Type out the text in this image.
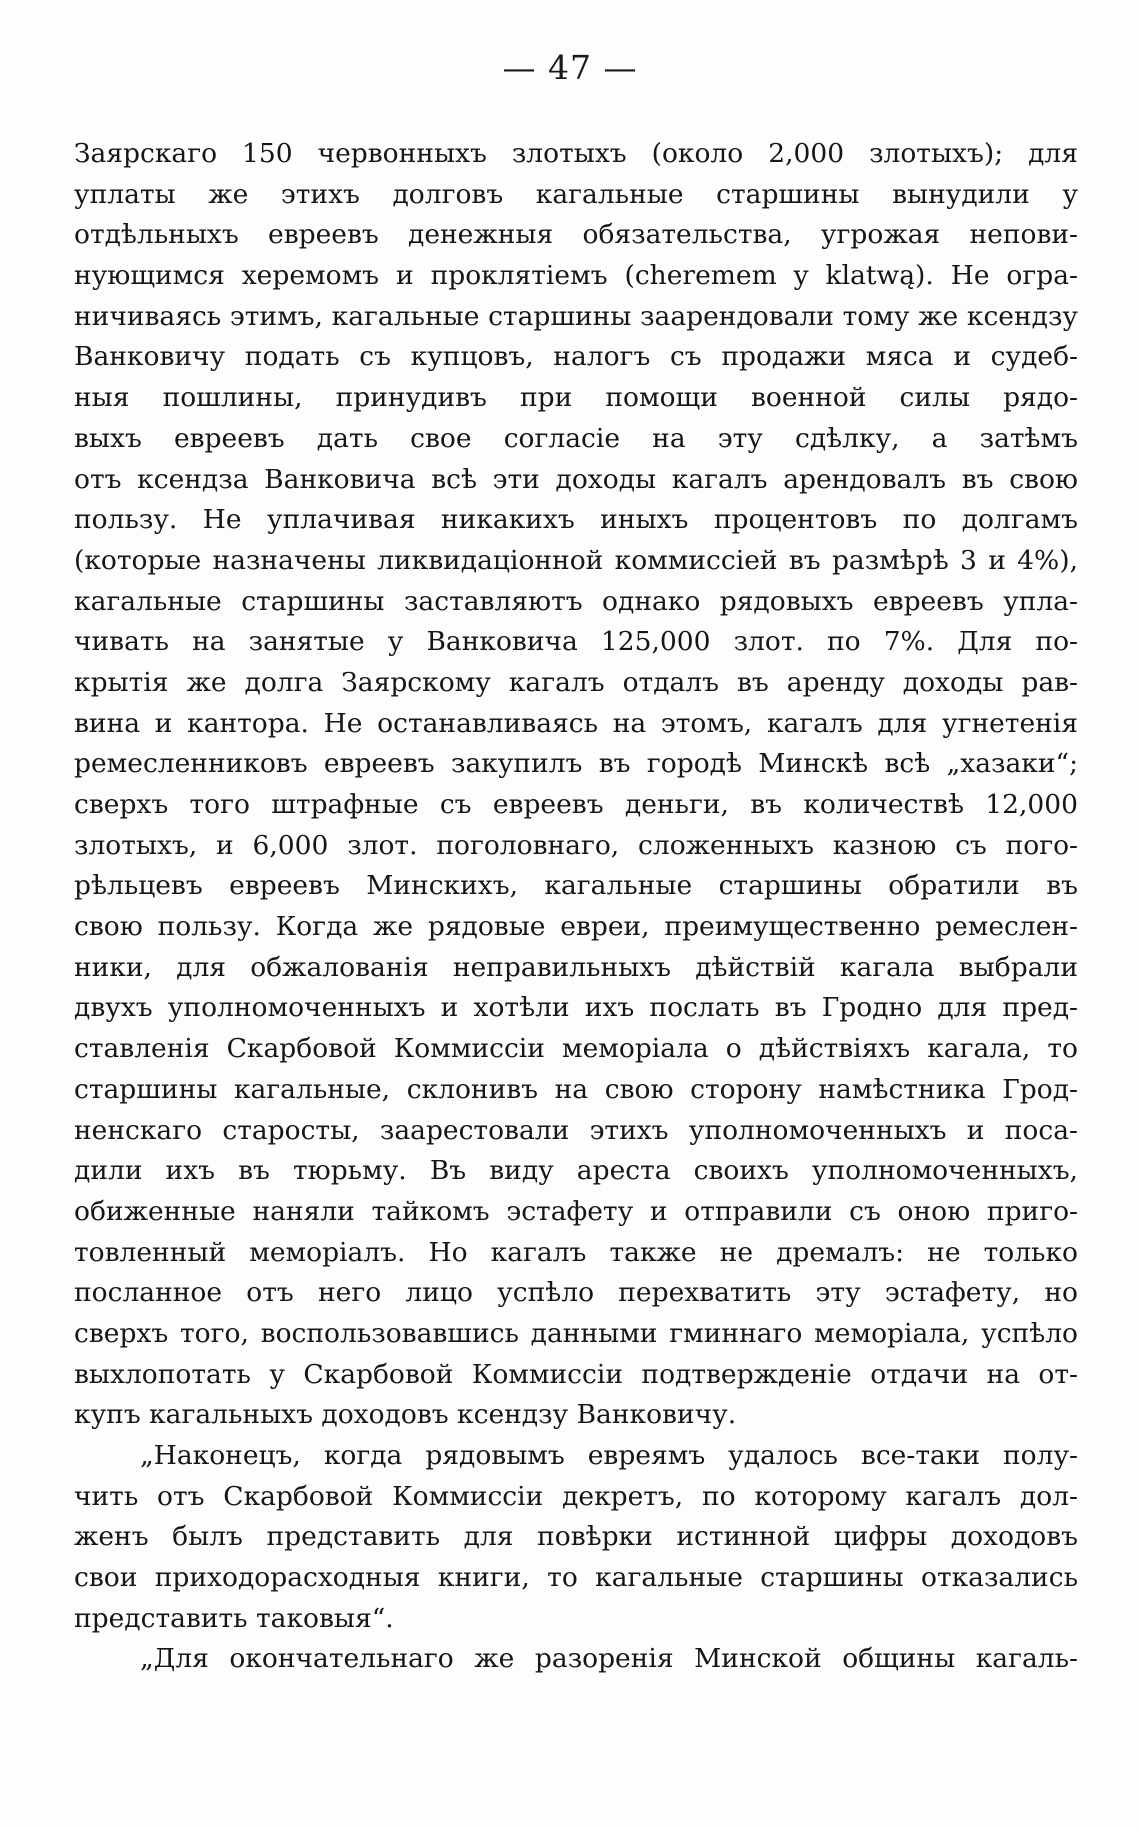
— 47 —
Заярскаго 150 червонныхъ злотыхъ (около 2,000 злотыхъ); для
уплаты же этихъ долговъ кагальные старшины вынудили у
отдѣльныхъ евреевъ денежныя обязательства, угрожая непови-
нующимся херемомъ и проклятіемъ (cheremem y klatwą). Не огра-
ничиваясь этимъ, кагальные старшины заарендовали тому же ксендзу
Ванковичу подать съ купцовъ, налогъ съ продажи мяса и судеб-
ныя пошлины, принудивъ при помощи военной силы рядо-
выхъ евреевъ дать свое согласіе на эту сдѣлку, а затѣмъ
отъ ксендза Ванковича всѣ эти доходы кагалъ арендовалъ въ свою
пользу. Не уплачивая никакихъ иныхъ процентовъ по долгамъ
(которые назначены ликвидаціонной коммиссіей въ размѣрѣ 3 и 4%),
кагальные старшины заставляютъ однако рядовыхъ евреевъ упла-
чивать на занятые у Ванковича 125,000 злот. по 7%. Для по-
крытія же долга Заярскому кагалъ отдалъ въ аренду доходы рав-
вина и кантора. Не останавливаясь на этомъ, кагалъ для угнетенія
ремесленниковъ евреевъ закупилъ въ городѣ Минскѣ всѣ „хазаки“;
сверхъ того штрафные съ евреевъ деньги, въ количествѣ 12,000
злотыхъ, и 6,000 злот. поголовнаго, сложенныхъ казною съ пого-
рѣльцевъ евреевъ Минскихъ, кагальные старшины обратили въ
свою пользу. Когда же рядовые евреи, преимущественно ремеслен-
ники, для обжалованія неправильныхъ дѣйствій кагала выбрали
двухъ уполномоченныхъ и хотѣли ихъ послать въ Гродно для пред-
ставленія Скарбовой Коммиссіи меморіала о дѣйствіяхъ кагала, то
старшины кагальные, склонивъ на свою сторону намѣстника Грод-
ненскаго старосты, заарестовали этихъ уполномоченныхъ и поса-
дили ихъ въ тюрьму. Въ виду ареста своихъ уполномоченныхъ,
обиженные наняли тайкомъ эстафету и отправили съ оною приго-
товленный меморіалъ. Но кагалъ также не дремалъ: не только
посланное отъ него лицо успѣло перехватить эту эстафету, но
сверхъ того, воспользовавшись данными гминнаго меморіала, успѣло
выхлопотать у Скарбовой Коммиссіи подтвержденіе отдачи на от-
купъ кагальныхъ доходовъ ксендзу Ванковичу.
„Наконецъ, когда рядовымъ евреямъ удалось все-таки полу-
чить отъ Скарбовой Коммиссіи декретъ, по которому кагалъ дол-
женъ былъ представить для повѣрки истинной цифры доходовъ
свои приходорасходныя книги, то кагальные старшины отказались
представить таковыя“.
„Для окончательнаго же разоренія Минской общины кагаль-
